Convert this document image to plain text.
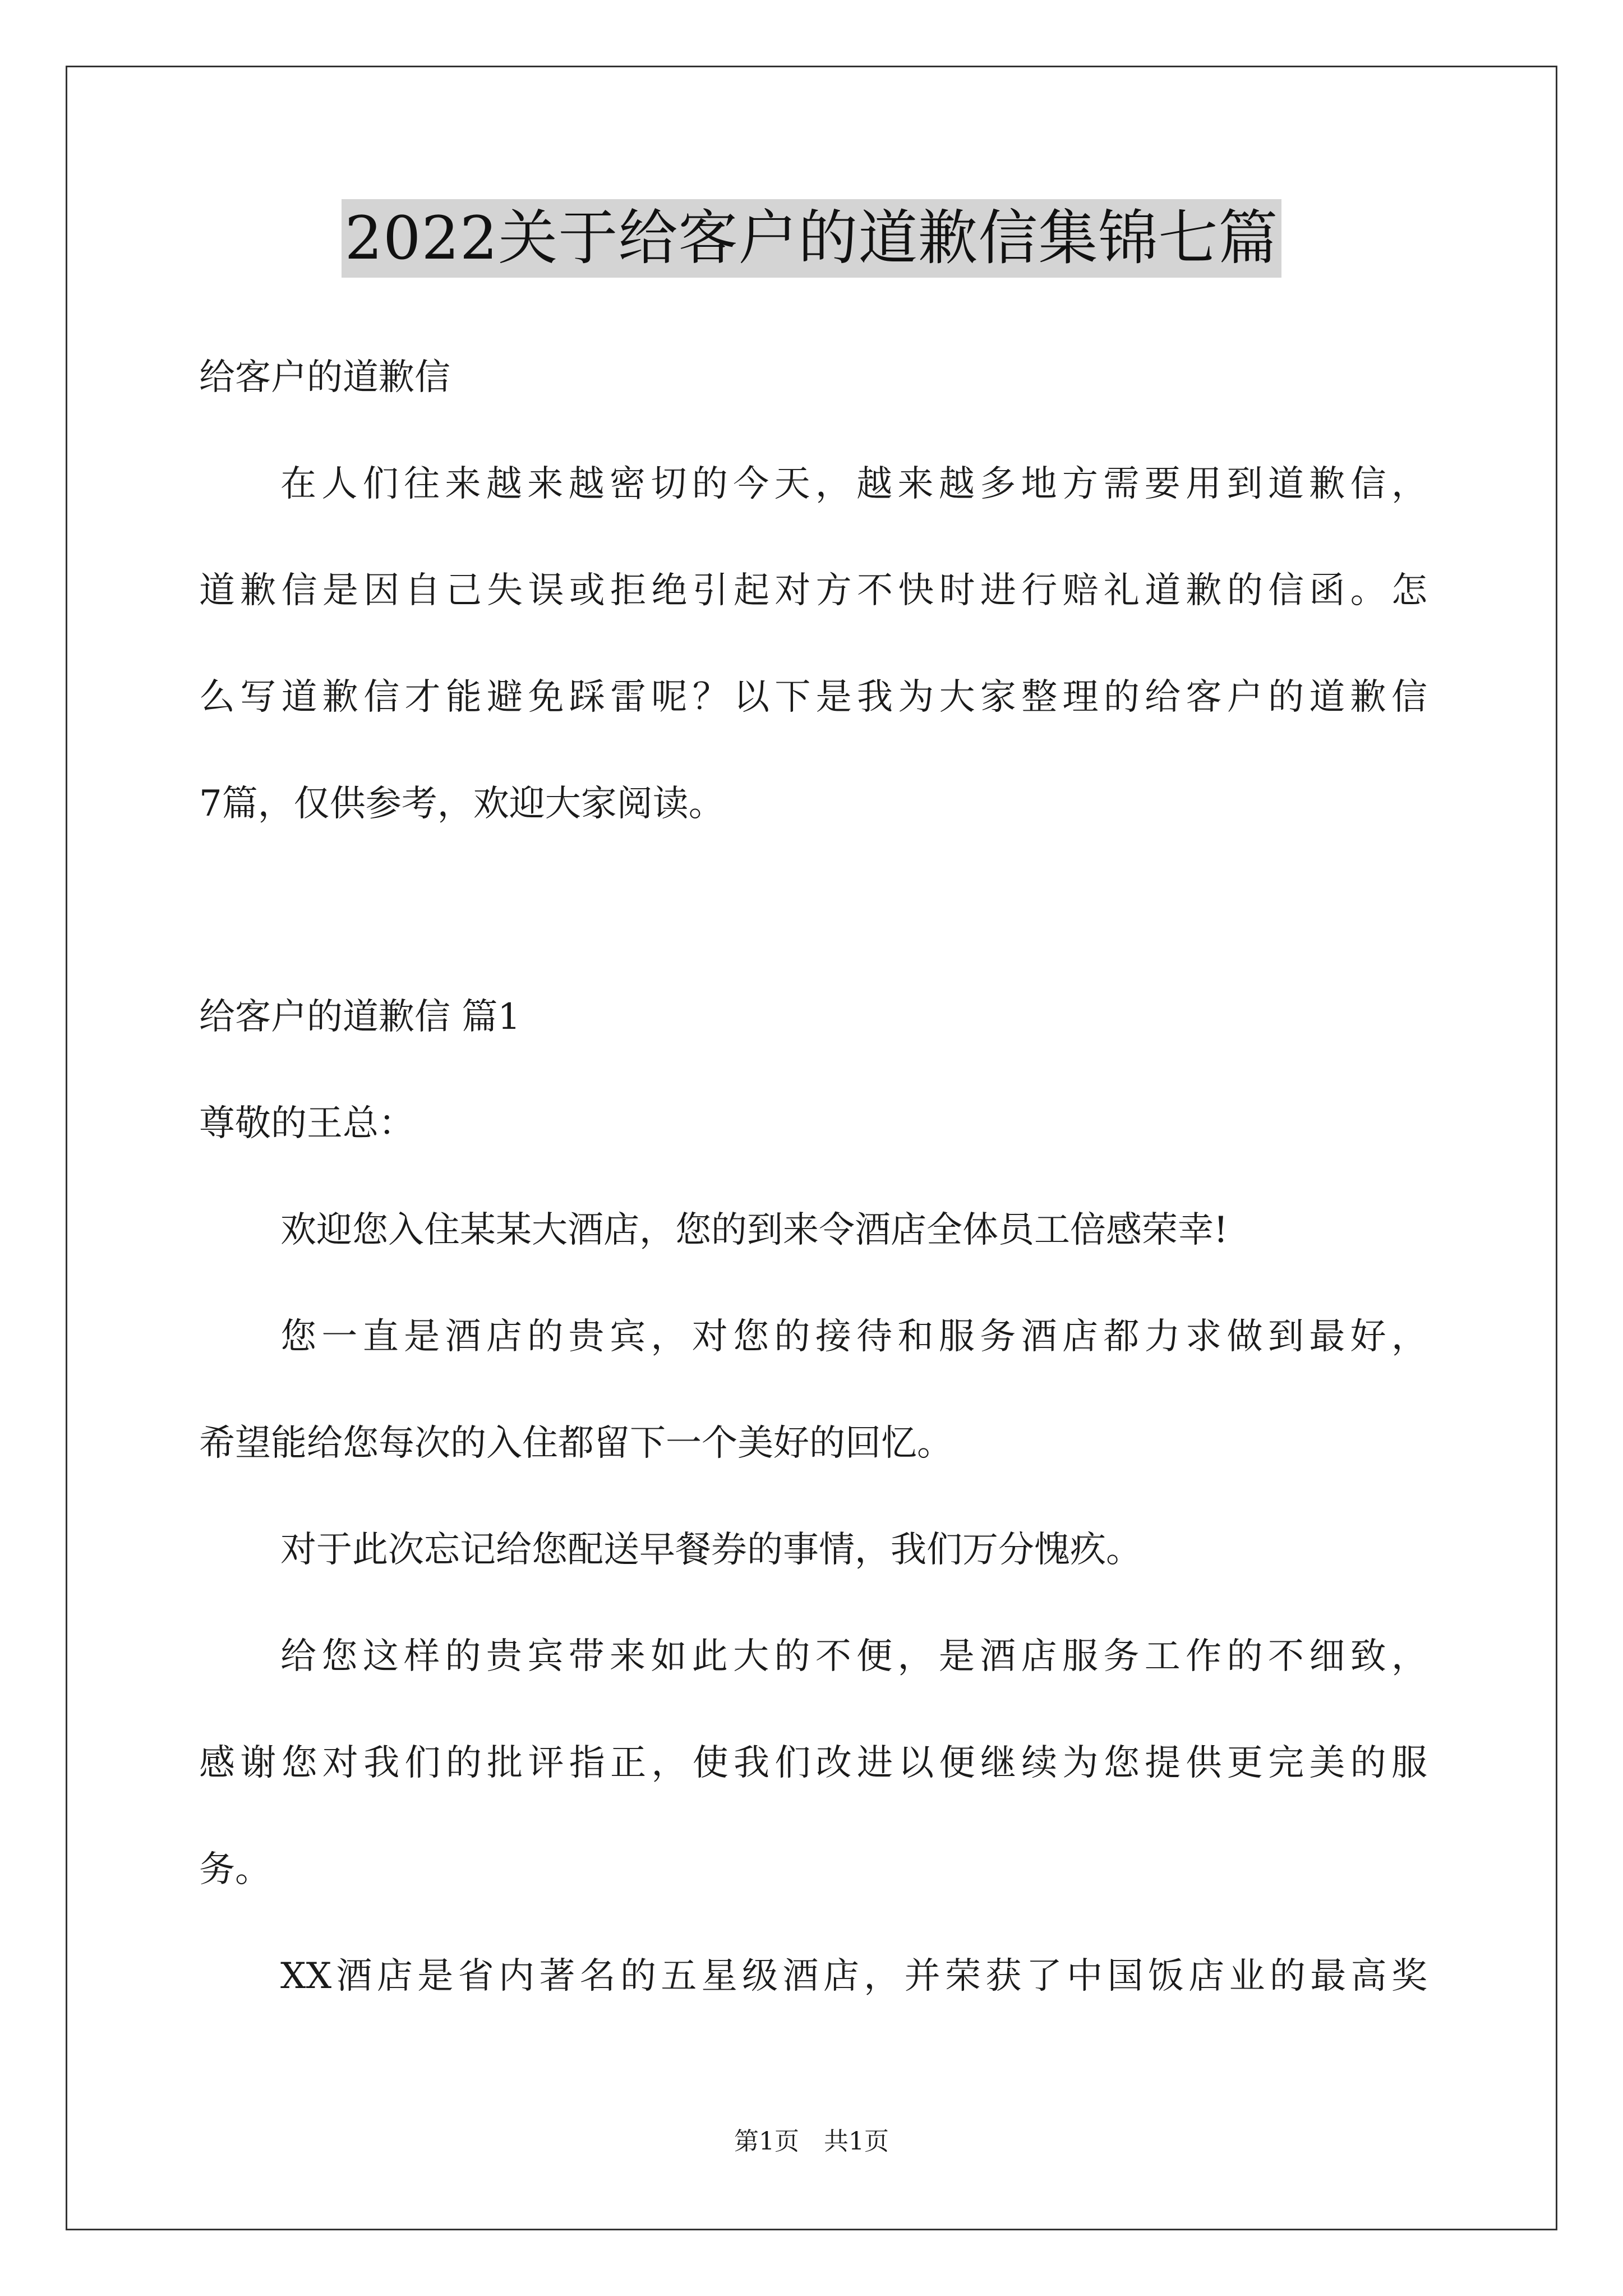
2022关于给客户的道歉信集锦七篇
给客户的道歉信
在人们往来越来越密切的今天，越来越多地方需要用到道歉信，
道歉信是因自己失误或拒绝引起对方不快时进行赔礼道歉的信函。怎
么写道歉信才能避免踩雷呢？以下是我为大家整理的给客户的道歉信
7篇，仅供参考，欢迎大家阅读。
给客户的道歉信 篇1
尊敬的王总：
欢迎您入住某某大酒店，您的到来令酒店全体员工倍感荣幸!
您一直是酒店的贵宾，对您的接待和服务酒店都力求做到最好，
希望能给您每次的入住都留下一个美好的回忆。
对于此次忘记给您配送早餐券的事情，我们万分愧疚。
给您这样的贵宾带来如此大的不便，是酒店服务工作的不细致，
感谢您对我们的批评指正，使我们改进以便继续为您提供更完美的服
务。
XX酒店是省内著名的五星级酒店，并荣获了中国饭店业的最高奖
第1页　共1页
